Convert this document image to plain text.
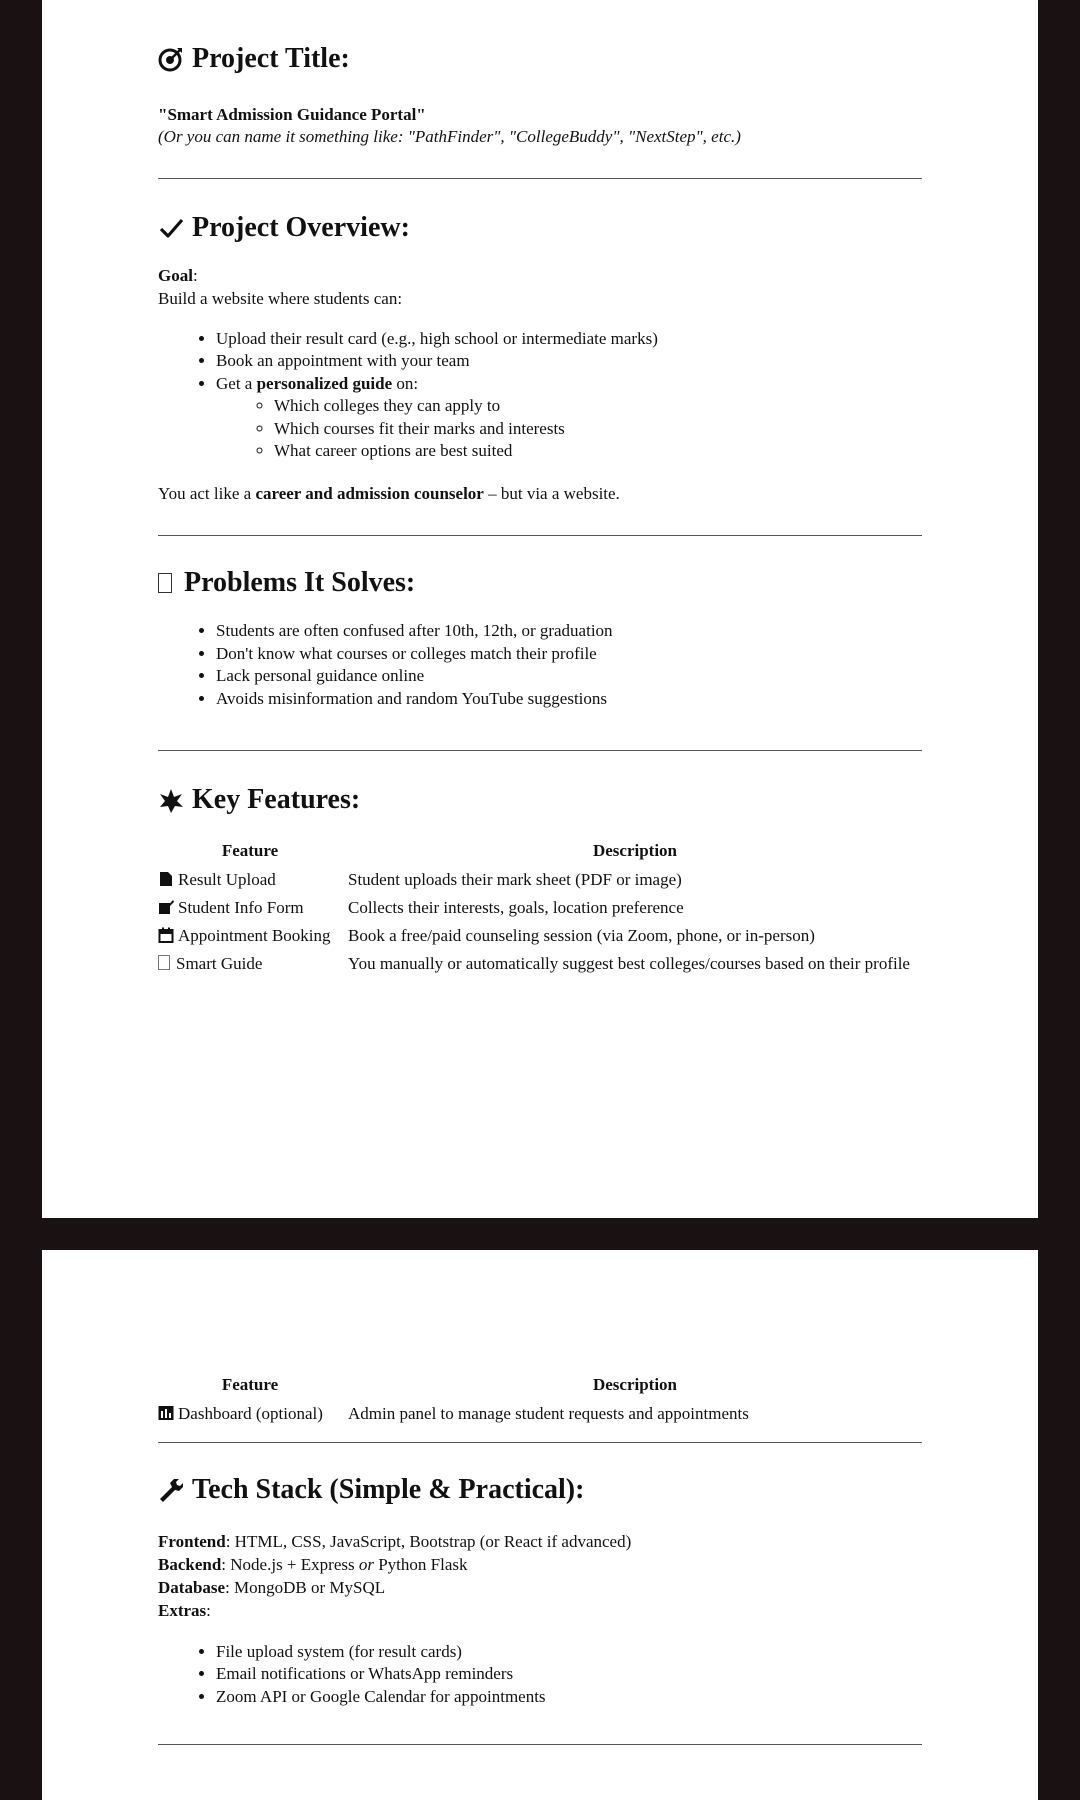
Project Title:

"Smart Admission Guidance Portal"

(Or you can name it something like: "PathFinder", "CollegeBuddy", "NextStep", etc.)

Project Overview:

Goal:

Build a website where students can:

• Upload their result card (e.g., high school or intermediate marks)
• Book an appointment with your team
• Get a personalized guide on:
◦ Which colleges they can apply to
◦ Which courses fit their marks and interests
◦ What career options are best suited

You act like a career and admission counselor – but via a website.

Problems It Solves:
• Students are often confused after 10th, 12th, or graduation
• Don't know what courses or colleges match their profile
• Lack personal guidance online
• Avoids misinformation and random YouTube suggestions
Key Features:
Feature	Description
Result Upload	Student uploads their mark sheet (PDF or image)
Student Info Form	Collects their interests, goals, location preference
Appointment Booking	Book a free/paid counseling session (via Zoom, phone, or in-person)
Smart Guide	You manually or automatically suggest best colleges/courses based on their profile
Feature	Description
Dashboard (optional)	Admin panel to manage student requests and appointments
Tech Stack (Simple & Practical):

Frontend: HTML, CSS, JavaScript, Bootstrap (or React if advanced)

Backend: Node.js + Express or Python Flask

Database: MongoDB or MySQL

Extras:

• File upload system (for result cards)
• Email notifications or WhatsApp reminders
• Zoom API or Google Calendar for appointments
